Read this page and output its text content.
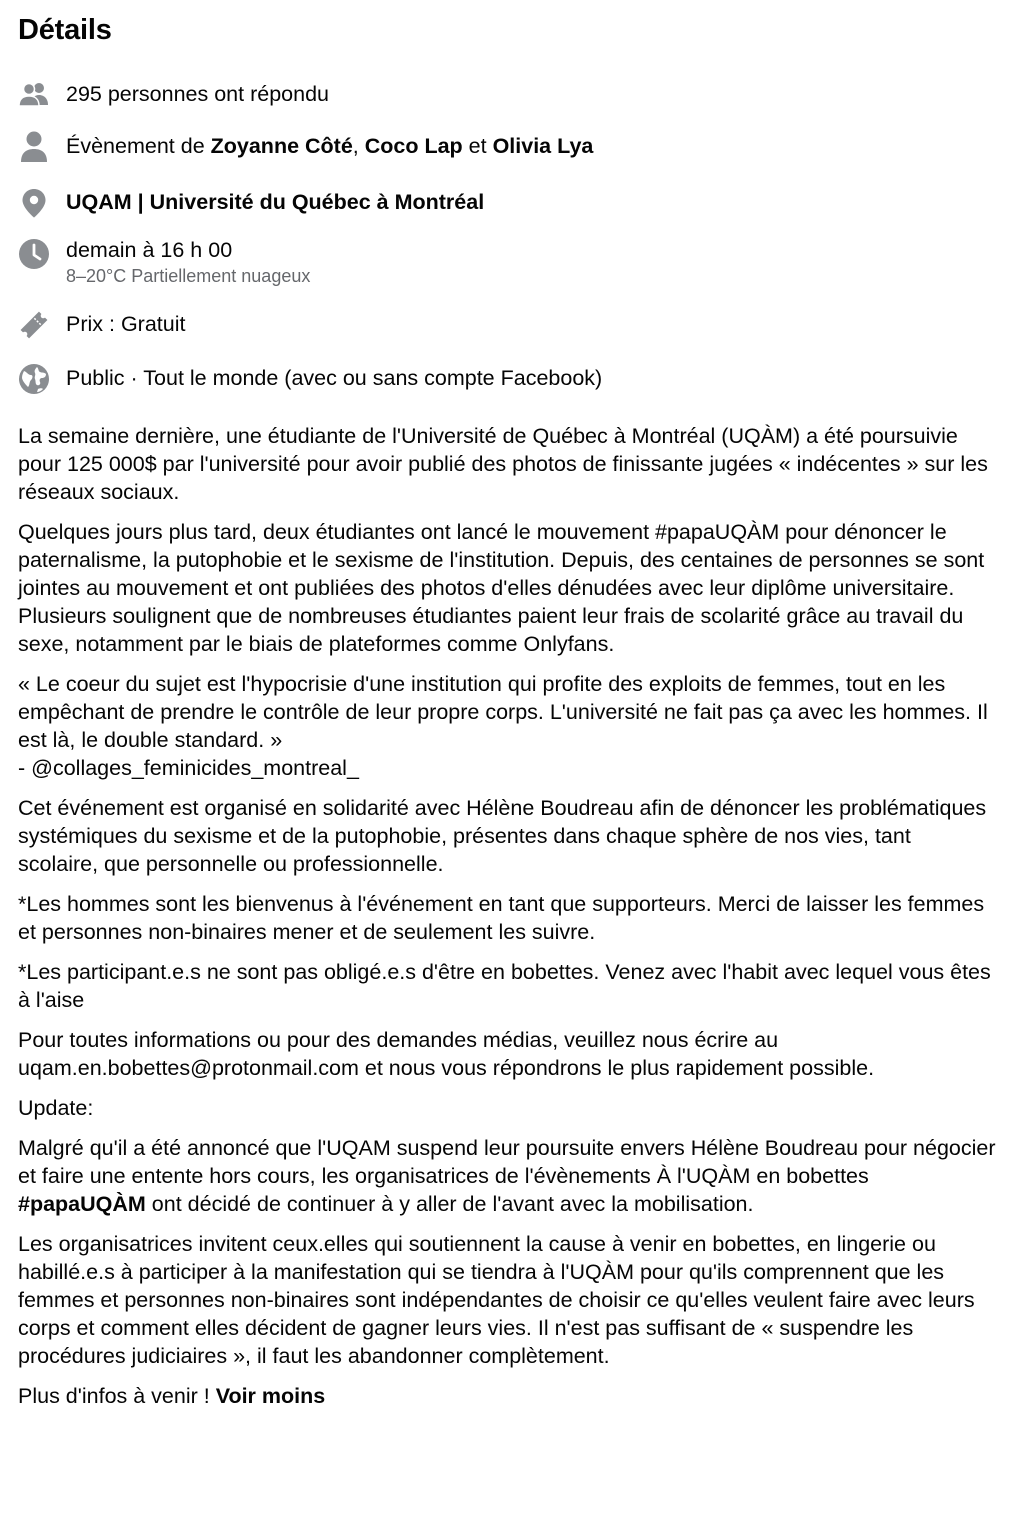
Détails
295 personnes ont répondu
Évènement de Zoyanne Côté, Coco Lap et Olivia Lya
UQAM | Université du Québec à Montréal
demain à 16 h 00
8–20°C Partiellement nuageux
Prix : Gratuit
Public · Tout le monde (avec ou sans compte Facebook)

La semaine dernière, une étudiante de l'Université de Québec à Montréal (UQÀM) a été poursuivie pour 125 000$ par l'université pour avoir publié des photos de finissante jugées « indécentes » sur les réseaux sociaux.

Quelques jours plus tard, deux étudiantes ont lancé le mouvement #papaUQÀM pour dénoncer le paternalisme, la putophobie et le sexisme de l'institution. Depuis, des centaines de personnes se sont jointes au mouvement et ont publiées des photos d'elles dénudées avec leur diplôme universitaire. Plusieurs soulignent que de nombreuses étudiantes paient leur frais de scolarité grâce au travail du sexe, notamment par le biais de plateformes comme Onlyfans.

« Le coeur du sujet est l'hypocrisie d'une institution qui profite des exploits de femmes, tout en les empêchant de prendre le contrôle de leur propre corps. L'université ne fait pas ça avec les hommes. Il est là, le double standard. »
- @collages_feminicides_montreal_

Cet événement est organisé en solidarité avec Hélène Boudreau afin de dénoncer les problématiques systémiques du sexisme et de la putophobie, présentes dans chaque sphère de nos vies, tant scolaire, que personnelle ou professionnelle.

*Les hommes sont les bienvenus à l'événement en tant que supporteurs. Merci de laisser les femmes et personnes non-binaires mener et de seulement les suivre.

*Les participant.e.s ne sont pas obligé.e.s d'être en bobettes. Venez avec l'habit avec lequel vous êtes à l'aise

Pour toutes informations ou pour des demandes médias, veuillez nous écrire au uqam.en.bobettes@protonmail.com et nous vous répondrons le plus rapidement possible.

Update:

Malgré qu'il a été annoncé que l'UQAM suspend leur poursuite envers Hélène Boudreau pour négocier et faire une entente hors cours, les organisatrices de l'évènements À l'UQÀM en bobettes #papaUQÀM ont décidé de continuer à y aller de l'avant avec la mobilisation.

Les organisatrices invitent ceux.elles qui soutiennent la cause à venir en bobettes, en lingerie ou habillé.e.s à participer à la manifestation qui se tiendra à l'UQÀM pour qu'ils comprennent que les femmes et personnes non-binaires sont indépendantes de choisir ce qu'elles veulent faire avec leurs corps et comment elles décident de gagner leurs vies. Il n'est pas suffisant de « suspendre les procédures judiciaires », il faut les abandonner complètement.

Plus d'infos à venir ! Voir moins
